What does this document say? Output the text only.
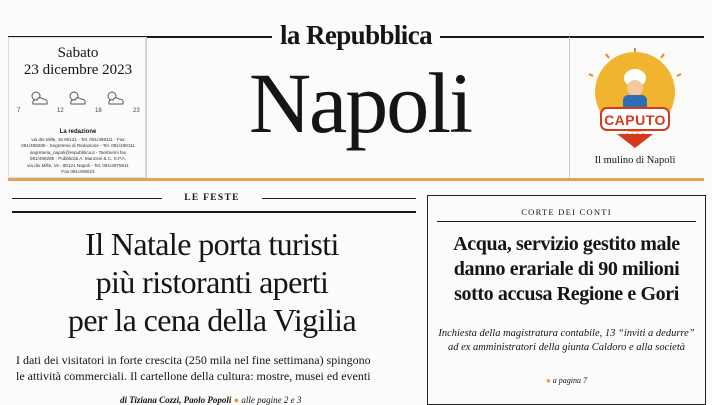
la Repubblica
Napoli
Sabato
23 dicembre 2023
7	12	18	23
La redazione
via dei Mille, 16 80121 - Tel. 081/498111 - Fax
081/498285 - Segreteria di Redazione - Tel. 081/498111
segreteria_napoli@repubblica.it - Tamburini fax
081/498285 - Pubblicità A. Manzoni & C. S.P.A.
via dei Mille, 16 - 80121 Napoli - Tel. 081/4975811
Fax 081/406023
CAPUTO
1924
Il mulino di Napoli
LE FESTE
Il Natale porta turisti
più ristoranti aperti
per la cena della Vigilia
I dati dei visitatori in forte crescita (250 mila nel fine settimana) spingono
le attività commerciali. Il cartellone della cultura: mostre, musei ed eventi
di Tiziana Cozzi, Paolo Popoli ● alle pagine 2 e 3
CORTE DEI CONTI
Acqua, servizio gestito male
danno erariale di 90 milioni
sotto accusa Regione e Gori
Inchiesta della magistratura contabile, 13 “inviti a dedurre”
ad ex amministratori della giunta Caldoro e alla società
● a pagina 7
